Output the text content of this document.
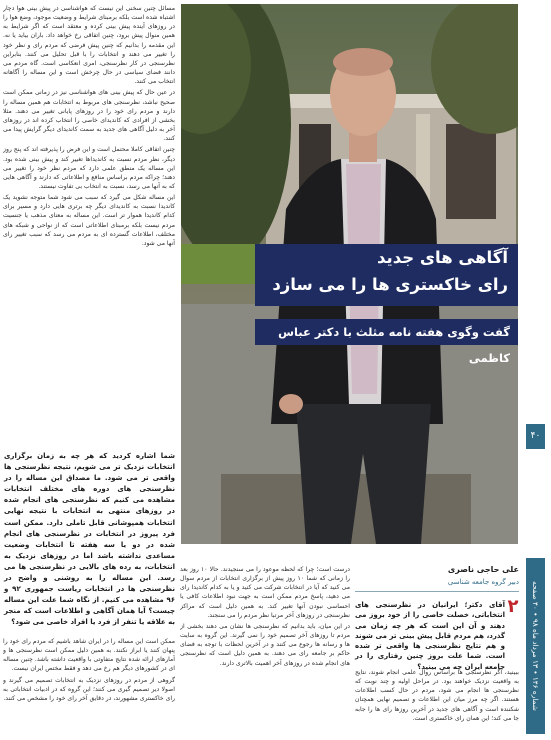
مسائل چنین سخنی این نیست که هواشناسی در پیش بینی هوا دچار اشتباه شده است بلکه برمبنای شرایط و وضعیت موجود، وضع هوا را در روزهای آینده پیش بینی کرده و معتقد است که اگر شرایط به همین منوال پیش برود، چنین اتفاقی رخ خواهد داد. باران بیاید یا نه. این مقدمه را بدانیم که چنین پیش فرضی که مردم رای و نظر خود را تغییر می دهند و انتخابات را با قبل تحلیل می کنند. بنابراین نظرسنجی در کار نظرسنجی، امری انعکاسی است. گاه مردم می دانند فضای سیاسی در حال چرخش است و این مساله را آگاهانه انتخاب می کنند.

در عین حال که پیش بینی های هواشناسی نیز در زمانی ممکن است صحیح نباشد، نظرسنجی های مربوط به انتخابات هم همین مساله را دارند و مردم رای خود را در روزهای پایانی تغییر می دهند. مثلا بخشی از افرادی که کاندیدای خاصی را انتخاب کرده اند در روزهای آخر به دلیل آگاهی های جدید به سمت کاندیدای دیگر گرایش پیدا می کنند.

چنین اتفاقی کاملا محتمل است و این فرض را پذیرفته اند که پنج روز دیگر، نظر مردم نسبت به کاندیداها تغییر کند و پیش بینی شده بود. این مساله یک منطق علمی دارد که مردم نظر خود را تغییر می دهند؛ چراکه مردم براساس منافع و اطلاعاتی که دارند و آگاهی هایی که به آنها می رسد، نسبت به انتخاب بی تفاوت نیستند.

این مساله شکل می گیرد که سبب می شود شما متوجه نشوید یک کاندیدا نسبت به کاندیدای دیگر چه برتری هایی دارد و مسیر برای کدام کاندیدا هموار تر است. این مساله به معنای مذهب یا جنسیت مردم نیست بلکه برمبنای اطلاعاتی است که از نواحی و شبکه های مختلف، اطلاعات گسترده ای به مردم می رسد که سبب تغییر رای آنها می شود.

شما اشاره کردید که هر چه به زمان برگزاری انتخابات نزدیک تر می شویم، نتیجه نظرسنجی ها واقعی تر می شود. ما مصداق این مساله را در نظرسنجی های دوره های مختلف انتخابات مشاهده می کنیم که نظرسنجی های انجام شده در روزهای منتهی به انتخابات با نتیجه نهایی انتخابات همپوشانی قابل تاملی دارد. ممکن است فرد پیروز در انتخابات در نظرسنجی های انجام شده در دو یا سه هفته تا انتخابات وضعیت مساعدی نداشته باشد اما در روزهای نزدیک به انتخابات، به رده های بالایی در نظرسنجی ها می رسد. این مساله را به روشنی و واضح در نظرسنجی ها در انتخابات ریاست جمهوری ۹۲ و ۹۶ مشاهده می کنیم. از نگاه شما علت این مساله چیست؟ آیا همان آگاهی و اطلاعات است که منجر به علاقه یا تنفر از فرد یا افراد خاصی می شود؟

ممکن است این مساله را در ایران شاهد باشیم که مردم رای خود را پنهان کنند یا ابراز نکنند. به همین دلیل ممکن است نظرسنجی ها و آمارهای ارائه شده نتایج متفاوتی با واقعیت داشته باشد. چنین مساله ای در کشورهای دیگر هم رخ می دهد و فقط مختص ایران نیست.

گروهی از مردم در روزهای نزدیک به انتخابات تصمیم می گیرند و اصولا دیر تصمیم گیری می کنند؛ این گروه که در ادبیات انتخاباتی به رای خاکستری مشهورند، در دقایق آخر رای خود را مشخص می کنند.

آگاهی های جدید
رای خاکستری ها را می سازد
گفت وگوی هفته نامه مثلث با دکتر عباس کاظمی
علی حاجی ناصری
دبیر گروه جامعه شناسی

درست است؛ چرا که لحظه موعود را می سنجیدند. حالا ۱۰ روز بعد را زمانی که شما ۱۰ روز پیش از برگزاری انتخابات از مردم سوال می کنید که آیا در انتخابات شرکت می کنید و یا به کدام کاندیدا رای می دهید، پاسخ مردم ممکن است به جهت نبود اطلاعات کافی یا احساسی نبودن آنها تغییر کند. به همین دلیل است که مراکز نظرسنجی در روزهای آخر مرتبا نظر مردم را می سنجند.

در این میان، باید بدانیم که نظرسنجی ها نشان می دهند بخشی از مردم تا روزهای آخر تصمیم خود را نمی گیرند. این گروه به سایت ها و رسانه ها رجوع می کنند و در آخرین لحظات با توجه به فضای حاکم بر جامعه رای می دهند. به همین دلیل است که نظرسنجی های انجام شده در روزهای آخر اهمیت بالاتری دارند.

۲
آقای دکتر؛ ایرانیان در نظرسنجی های انتخاباتی، خصلت خاصی را از خود بروز می دهند و آن این است که هر چه زمان می گذرد، هم مردم قابل پیش بینی تر می شوند و هم نتایج نظرسنجی ها واقعی تر شده است. شما علت بروز چنین رفتاری را در جامعه ایران چه می بینید؟

ببینید، اگر نظرسنجی ها براساس روال علمی انجام شوند، نتایج به واقعیت نزدیک خواهند بود. در مراحل اولیه و چند نوبت که نظرسنجی ها انجام می شود، مردم در حال کسب اطلاعات هستند. اگر چه مرز میان این اطلاعات و تصمیم نهایی همچنان شکننده است و آگاهی های جدید در آخرین روزها رای ها را جابه جا می کند؛ این همان رای خاکستری است.

۴۰
شماره ۱۴۶ • ۱۳ مرداد ماه ۹۸ • ۴۰ صفحه
